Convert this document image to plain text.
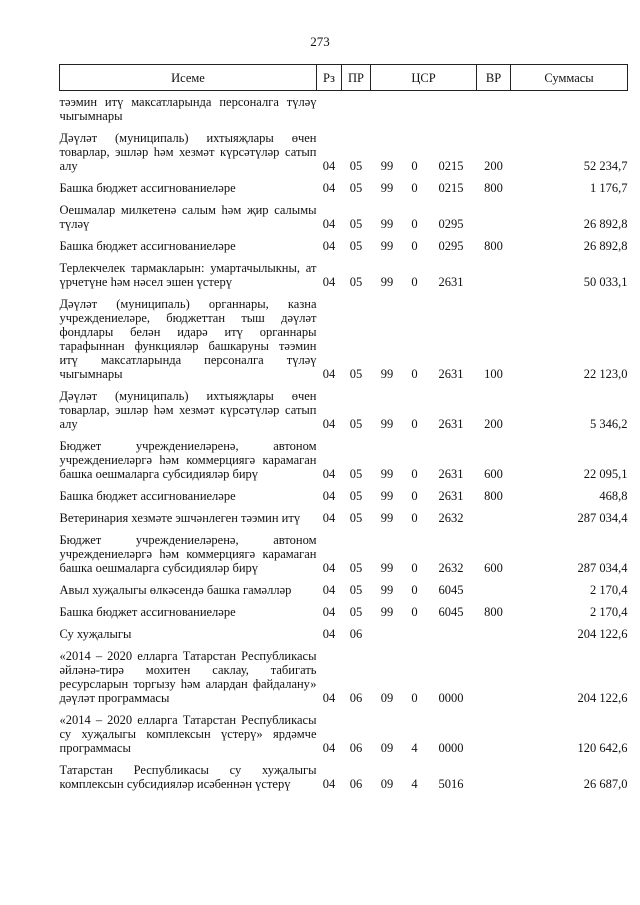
273
Исеме	Рз	ПР	ЦСР			ВР	Суммасы
тәэмин итү максатларында персоналга түләү чыгымнары							
Дәүләт (муниципаль) ихтыяҗлары өчен товарлар, эшләр һәм хезмәт күрсәтүләр сатып алу	04	05	99	0	0215	200	52 234,7
Башка бюджет ассигнованиеләре	04	05	99	0	0215	800	1 176,7
Оешмалар милкетенә салым һәм җир салымы түләү	04	05	99	0	0295		26 892,8
Башка бюджет ассигнованиеләре	04	05	99	0	0295	800	26 892,8
Терлекчелек тармакларын: умартачылыкны, ат үрчетүне һәм нәсел эшен үстерү	04	05	99	0	2631		50 033,1
Дәүләт (муниципаль) органнары, казна учреждениеләре, бюджеттан тыш дәүләт фондлары белән идарә итү органнары тарафыннан функцияләр башкаруны тәэмин итү максатларында персоналга түләү чыгымнары	04	05	99	0	2631	100	22 123,0
Дәүләт (муниципаль) ихтыяҗлары өчен товарлар, эшләр һәм хезмәт күрсәтүләр сатып алу	04	05	99	0	2631	200	5 346,2
Бюджет учреждениеләренә, автоном учреждениеләргә һәм коммерциягә карамаган башка оешмаларга субсидияләр бирү	04	05	99	0	2631	600	22 095,1
Башка бюджет ассигнованиеләре	04	05	99	0	2631	800	468,8
Ветеринария хезмәте эшчәнлеген тәэмин итү	04	05	99	0	2632		287 034,4
Бюджет учреждениеләренә, автоном учреждениеләргә һәм коммерциягә карамаган башка оешмаларга субсидияләр бирү	04	05	99	0	2632	600	287 034,4
Авыл хуҗалыгы өлкәсендә башка гамәлләр	04	05	99	0	6045		2 170,4
Башка бюджет ассигнованиеләре	04	05	99	0	6045	800	2 170,4
Су хуҗалыгы	04	06					204 122,6
«2014 – 2020 елларга Татарстан Республикасы әйләнә-тирә мохитен саклау, табигать ресурсларын торгызу һәм алардан файдалану» дәүләт программасы	04	06	09	0	0000		204 122,6
«2014 – 2020 елларга Татарстан Республикасы су хуҗалыгы комплексын үстерү» ярдәмче программасы	04	06	09	4	0000		120 642,6
Татарстан Республикасы су хуҗалыгы комплексын субсидияләр исәбеннән үстерү	04	06	09	4	5016		26 687,0
